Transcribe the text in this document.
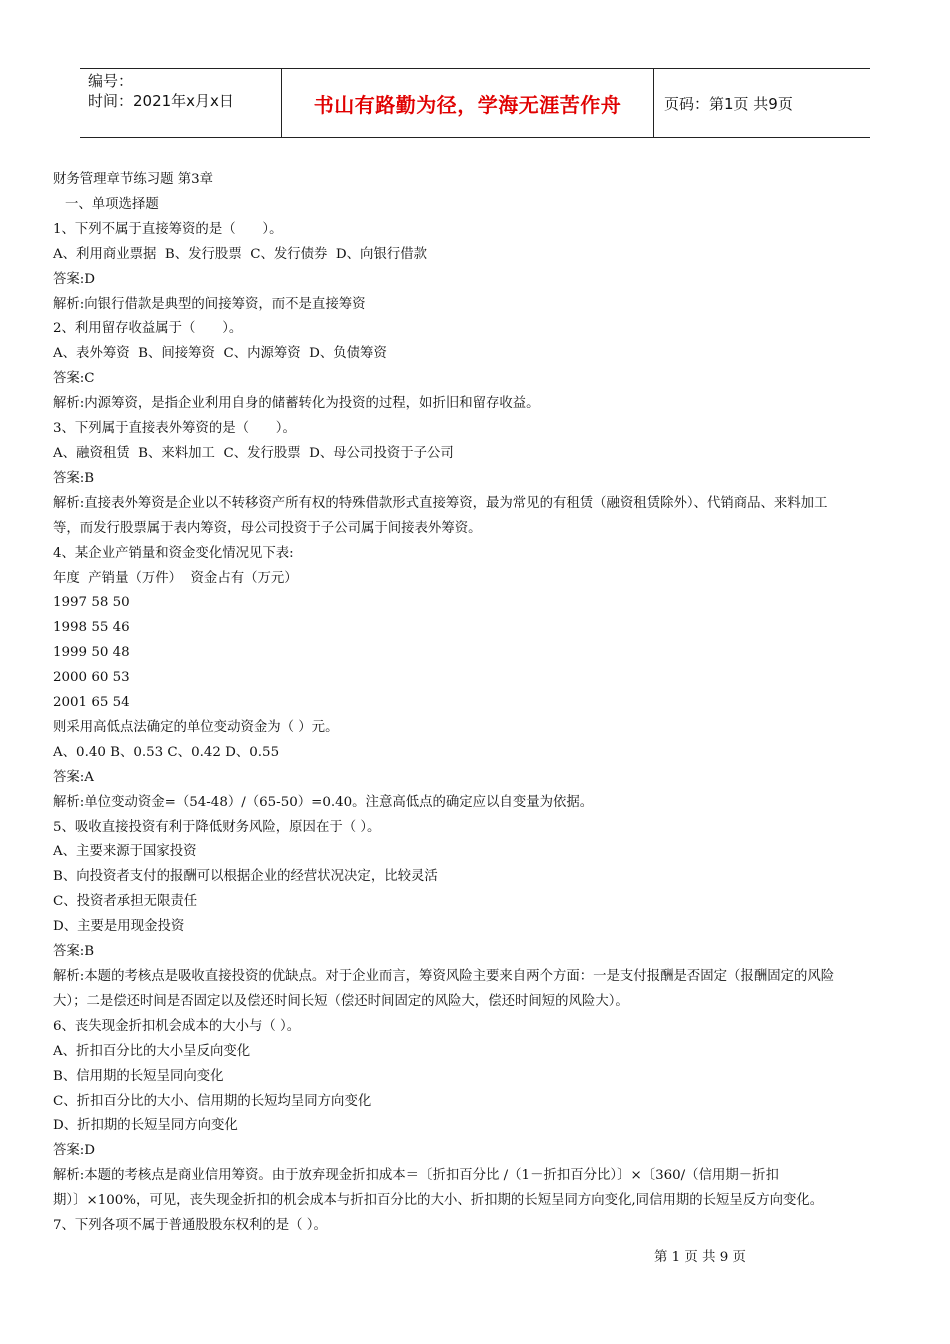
编号：
时间：2021年x月x日	书山有路勤为径，学海无涯苦作舟	页码：第1页 共9页
财务管理章节练习题 第3章
一、单项选择题
1、下列不属于直接筹资的是（　　）。
A、利用商业票据  B、发行股票  C、发行债券  D、向银行借款
答案:D
解析:向银行借款是典型的间接筹资，而不是直接筹资
2、利用留存收益属于（　　）。
A、表外筹资  B、间接筹资  C、内源筹资  D、负债筹资
答案:C
解析:内源筹资，是指企业利用自身的储蓄转化为投资的过程，如折旧和留存收益。
3、下列属于直接表外筹资的是（　　）。
A、融资租赁  B、来料加工  C、发行股票  D、母公司投资于子公司
答案:B
解析:直接表外筹资是企业以不转移资产所有权的特殊借款形式直接筹资，最为常见的有租赁（融资租赁除外）、代销商品、来料加工
等，而发行股票属于表内筹资，母公司投资于子公司属于间接表外筹资。
4、某企业产销量和资金变化情况见下表:
年度  产销量（万件）  资金占有（万元）
1997 58 50
1998 55 46
1999 50 48
2000 60 53
2001 65 54
则采用高低点法确定的单位变动资金为（ ）元。
A、0.40 B、0.53 C、0.42 D、0.55
答案:A
解析:单位变动资金=（54-48）/（65-50）=0.40。注意高低点的确定应以自变量为依据。
5、吸收直接投资有利于降低财务风险，原因在于（ ）。
A、主要来源于国家投资
B、向投资者支付的报酬可以根据企业的经营状况决定，比较灵活
C、投资者承担无限责任
D、主要是用现金投资
答案:B
解析:本题的考核点是吸收直接投资的优缺点。对于企业而言，筹资风险主要来自两个方面：一是支付报酬是否固定（报酬固定的风险
大）；二是偿还时间是否固定以及偿还时间长短（偿还时间固定的风险大，偿还时间短的风险大）。
6、丧失现金折扣机会成本的大小与（ ）。
A、折扣百分比的大小呈反向变化
B、信用期的长短呈同向变化
C、折扣百分比的大小、信用期的长短均呈同方向变化
D、折扣期的长短呈同方向变化
答案:D
解析:本题的考核点是商业信用筹资。由于放弃现金折扣成本＝〔折扣百分比 /（1－折扣百分比）〕×〔360/（信用期－折扣
期）〕×100%，可见，丧失现金折扣的机会成本与折扣百分比的大小、折扣期的长短呈同方向变化,同信用期的长短呈反方向变化。
7、下列各项不属于普通股股东权利的是（ ）。
第 1 页 共 9 页
